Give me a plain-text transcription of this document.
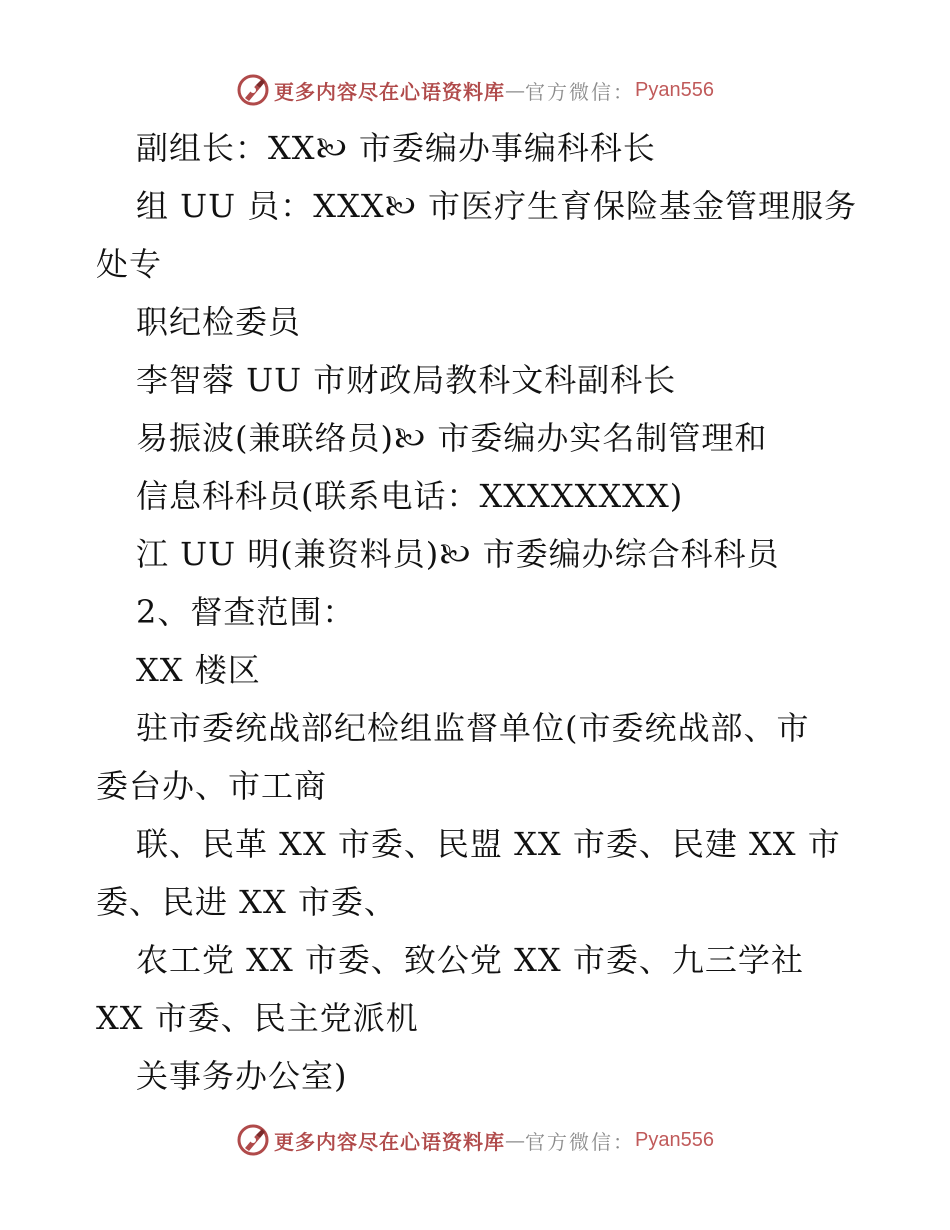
更多内容尽在心语资料库 — 官方微信： Pyan556
副组长：XX🙠 市委编办事编科科长
组 UU 员：XXX🙠 市医疗生育保险基金管理服务
处专
职纪检委员
李智蓉 UU 市财政局教科文科副科长
易振波(兼联络员)🙠 市委编办实名制管理和
信息科科员(联系电话：XXXXXXXX)
江 UU 明(兼资料员)🙠 市委编办综合科科员
2、督查范围：
XX 楼区
驻市委统战部纪检组监督单位(市委统战部、市
委台办、市工商
联、民革 XX 市委、民盟 XX 市委、民建 XX 市
委、民进 XX 市委、
农工党 XX 市委、致公党 XX 市委、九三学社
XX 市委、民主党派机
关事务办公室)
更多内容尽在心语资料库 — 官方微信： Pyan556
